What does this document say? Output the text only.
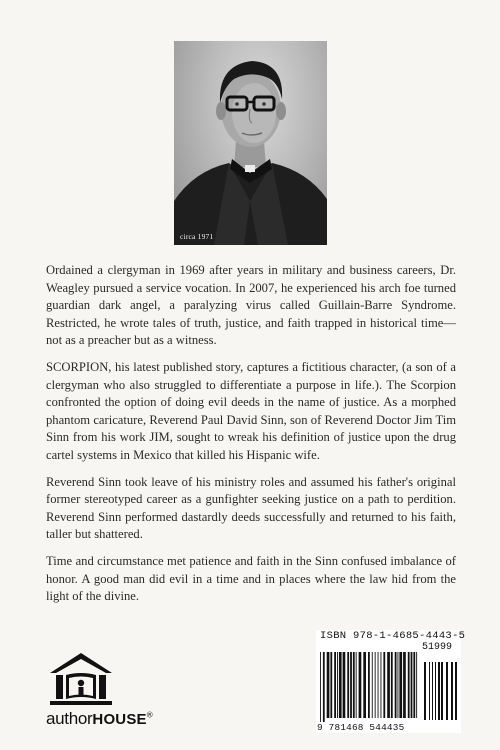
circa 1971

Ordained a clergyman in 1969 after years in military and business careers, Dr. Weagley pursued a service vocation. In 2007, he experienced his arch foe turned guardian dark angel, a paralyzing virus called Guillain-Barre Syndrome. Restricted, he wrote tales of truth, justice, and faith trapped in historical time—not as a preacher but as a witness.

SCORPION, his latest published story, captures a fictitious character, (a son of a clergyman who also struggled to differentiate a purpose in life.). The Scorpion confronted the option of doing evil deeds in the name of justice. As a morphed phantom caricature, Reverend Paul David Sinn, son of Reverend Doctor Jim Tim Sinn from his work JIM, sought to wreak his definition of justice upon the drug cartel systems in Mexico that killed his Hispanic wife.

Reverend Sinn took leave of his ministry roles and assumed his father's original former stereotyped career as a gunfighter seeking justice on a path to perdition. Reverend Sinn performed dastardly deeds successfully and returned to his faith, taller but shattered.

Time and circumstance met patience and faith in the Sinn confused imbalance of honor. A good man did evil in a time and in places where the law hid from the light of the divine.

authorHOUSE®
ISBN 978-1-4685-4443-5
51999
9 781468 544435
